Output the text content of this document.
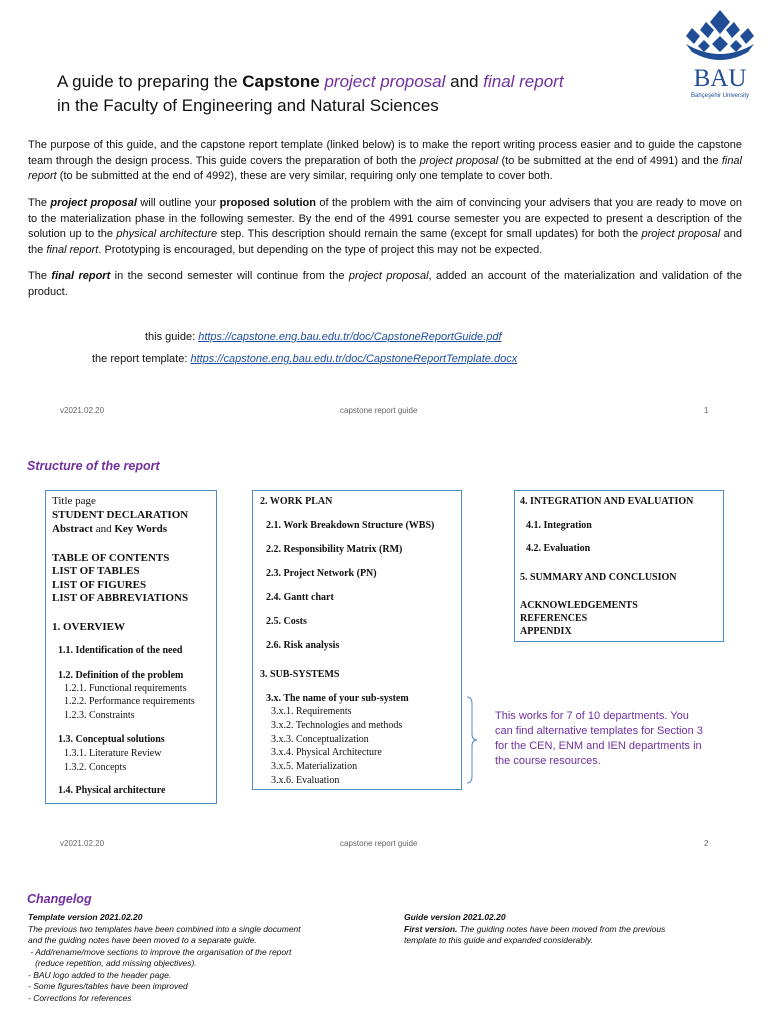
A guide to preparing the Capstone project proposal and final report
in the Faculty of Engineering and Natural Sciences
BAU
Bahçeşehir University
The purpose of this guide, and the capstone report template (linked below) is to make the report writing process easier and to guide the capstone team through the design process. This guide covers the preparation of both the project proposal (to be submitted at the end of 4991) and the final report (to be submitted at the end of 4992), these are very similar, requiring only one template to cover both.
The project proposal will outline your proposed solution of the problem with the aim of convincing your advisers that you are ready to move on to the materialization phase in the following semester. By the end of the 4991 course semester you are expected to present a description of the solution up to the physical architecture step. This description should remain the same (except for small updates) for both the project proposal and the final report. Prototyping is encouraged, but depending on the type of project this may not be expected.
The final report in the second semester will continue from the project proposal, added an account of the materialization and validation of the product.
this guide: https://capstone.eng.bau.edu.tr/doc/CapstoneReportGuide.pdf
the report template: https://capstone.eng.bau.edu.tr/doc/CapstoneReportTemplate.docx
v2021.02.20	capstone report guide	1
Structure of the report
Title page
STUDENT DECLARATION
Abstract and Key Words
TABLE OF CONTENTS
LIST OF TABLES
LIST OF FIGURES
LIST OF ABBREVIATIONS
1. OVERVIEW
1.1. Identification of the need
1.2. Definition of the problem
1.2.1. Functional requirements
1.2.2. Performance requirements
1.2.3. Constraints
1.3. Conceptual solutions
1.3.1. Literature Review
1.3.2. Concepts
1.4. Physical architecture
2. WORK PLAN
2.1. Work Breakdown Structure (WBS)
2.2. Responsibility Matrix (RM)
2.3. Project Network (PN)
2.4. Gantt chart
2.5. Costs
2.6. Risk analysis
3. SUB-SYSTEMS
3.x. The name of your sub-system
3.x.1. Requirements
3.x.2. Technologies and methods
3.x.3. Conceptualization
3.x.4. Physical Architecture
3.x.5. Materialization
3.x.6. Evaluation
4. INTEGRATION AND EVALUATION
4.1. Integration
4.2. Evaluation
5. SUMMARY AND CONCLUSION
ACKNOWLEDGEMENTS
REFERENCES
APPENDIX
This works for 7 of 10 departments. You can find alternative templates for Section 3 for the CEN, ENM and IEN departments in the course resources.
v2021.02.20	capstone report guide	2
Changelog
Template version 2021.02.20
The previous two templates have been combined into a single document
and the guiding notes have been moved to a separate guide.
- Add/rename/move sections to improve the organisation of the report
(reduce repetition, add missing objectives).
- BAU logo added to the header page.
- Some figures/tables have been improved
- Corrections for references
Guide version 2021.02.20
First version. The guiding notes have been moved from the previous
template to this guide and expanded considerably.
